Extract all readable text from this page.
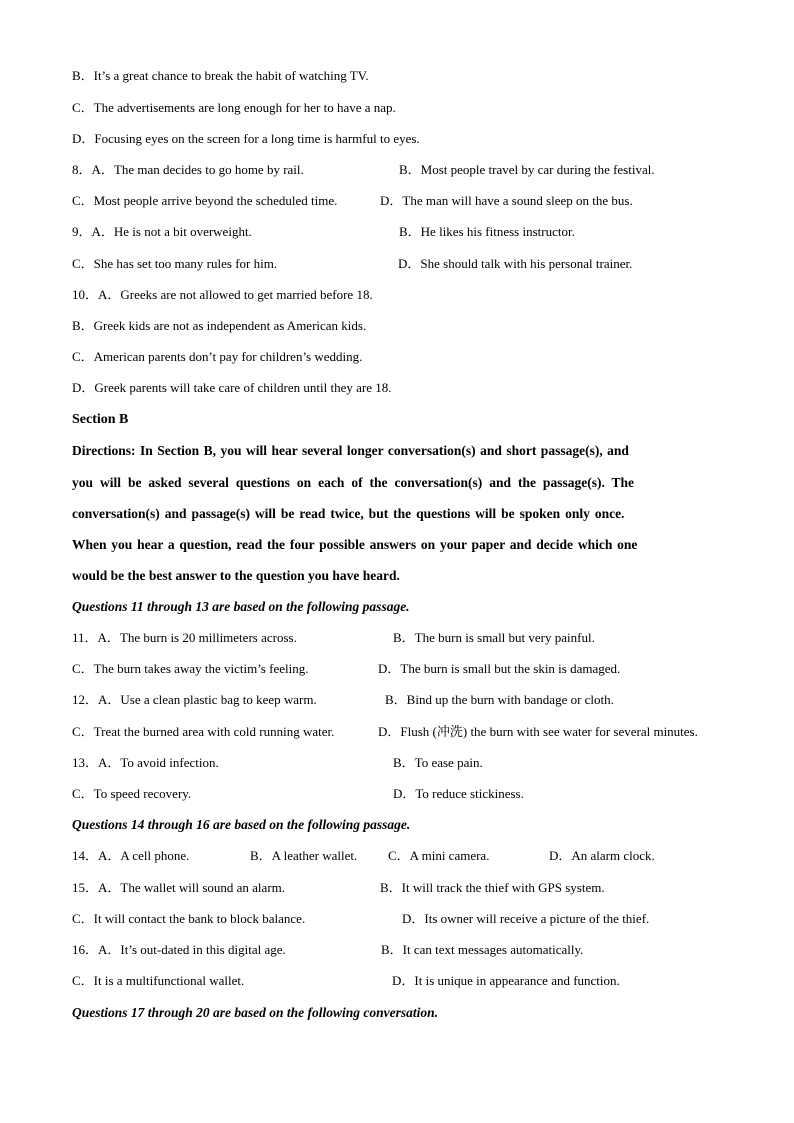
B．It’s a great chance to break the habit of watching TV.
C．The advertisements are long enough for her to have a nap.
D．Focusing eyes on the screen for a long time is harmful to eyes.
8．A．The man decides to go home by rail.	B．Most people travel by car during the festival.
C．Most people arrive beyond the scheduled time.	D．The man will have a sound sleep on the bus.
9．A．He is not a bit overweight.	B．He likes his fitness instructor.
C．She has set too many rules for him.	D．She should talk with his personal trainer.
10．A．Greeks are not allowed to get married before 18.
B．Greek kids are not as independent as American kids.
C．American parents don’t pay for children’s wedding.
D．Greek parents will take care of children until they are 18.
Section B
Directions: In Section B, you will hear several longer conversation(s) and short passage(s), and
you will be asked several questions on each of the conversation(s) and the passage(s). The
conversation(s) and passage(s) will be read twice, but the questions will be spoken only once.
When you hear a question, read the four possible answers on your paper and decide which one
would be the best answer to the question you have heard.
Questions 11 through 13 are based on the following passage.
11．A．The burn is 20 millimeters across.	B．The burn is small but very painful.
C．The burn takes away the victim’s feeling.	D．The burn is small but the skin is damaged.
12．A．Use a clean plastic bag to keep warm.	B．Bind up the burn with bandage or cloth.
C．Treat the burned area with cold running water.	D．Flush (冲洗) the burn with see water for several minutes.
13．A．To avoid infection.	B．To ease pain.
C．To speed recovery.	D．To reduce stickiness.
Questions 14 through 16 are based on the following passage.
14．A．A cell phone.	B．A leather wallet. C．A mini camera.	D．An alarm clock.
15．A．The wallet will sound an alarm.	B．It will track the thief with GPS system.
C．It will contact the bank to block balance.	D．Its owner will receive a picture of the thief.
16．A．It’s out-dated in this digital age.	B．It can text messages automatically.
C．It is a multifunctional wallet.	D．It is unique in appearance and function.
Questions 17 through 20 are based on the following conversation.
